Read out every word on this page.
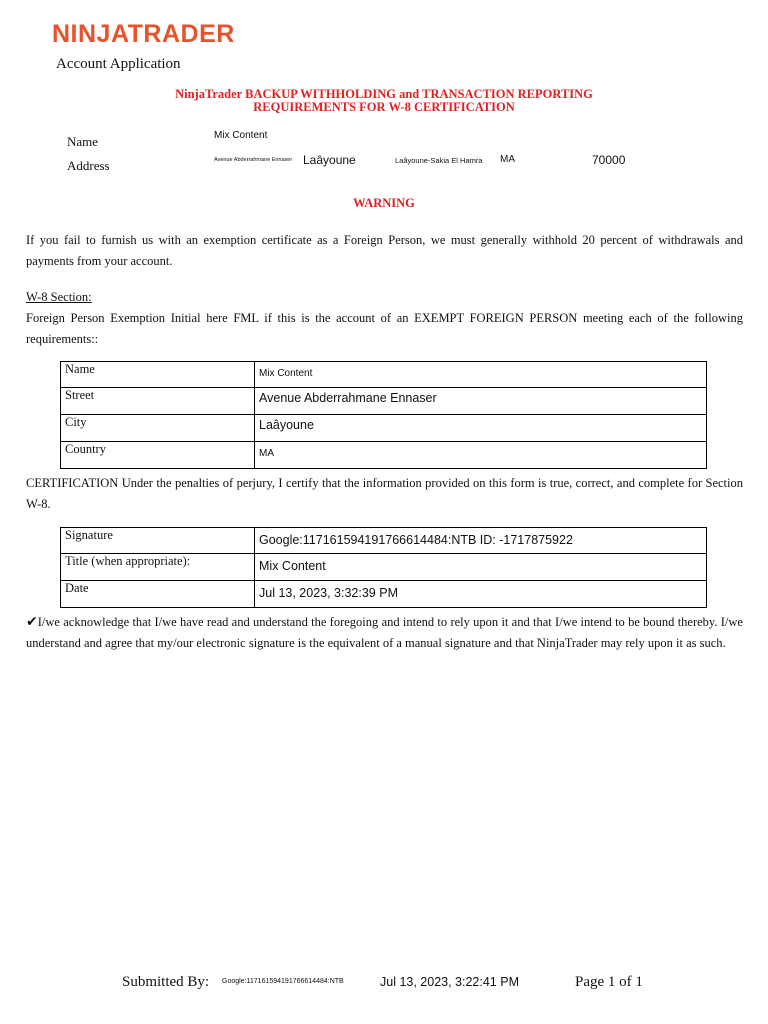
NINJATRADER
Account Application
NinjaTrader BACKUP WITHHOLDING and TRANSACTION REPORTING
REQUIREMENTS FOR W-8 CERTIFICATION
Name	Mix Content
Address	Avenue Abderrahmane Ennaser Laâyoune	Laâyoune-Sakia El Hamra MA	70000
WARNING
If you fail to furnish us with an exemption certificate as a Foreign Person, we must generally withhold 20 percent of withdrawals and payments from your account.
W-8 Section:
Foreign Person Exemption Initial here FML if this is the account of an EXEMPT FOREIGN PERSON meeting each of the following requirements::
Name	Mix Content
Street	Avenue Abderrahmane Ennaser
City	Laâyoune
Country	MA
CERTIFICATION Under the penalties of perjury, I certify that the information provided on this form is true, correct, and complete for Section W-8.
Signature	Google:117161594191766614484:NTB ID: -1717875922
Title (when appropriate):	Mix Content
Date	Jul 13, 2023, 3:32:39 PM
✔I/we acknowledge that I/we have read and understand the foregoing and intend to rely upon it and that I/we intend to be bound thereby. I/we understand and agree that my/our electronic signature is the equivalent of a manual signature and that NinjaTrader may rely upon it as such.
Submitted By: Google:117161594191766614484:NTB	Jul 13, 2023, 3:22:41 PM	Page 1 of 1
